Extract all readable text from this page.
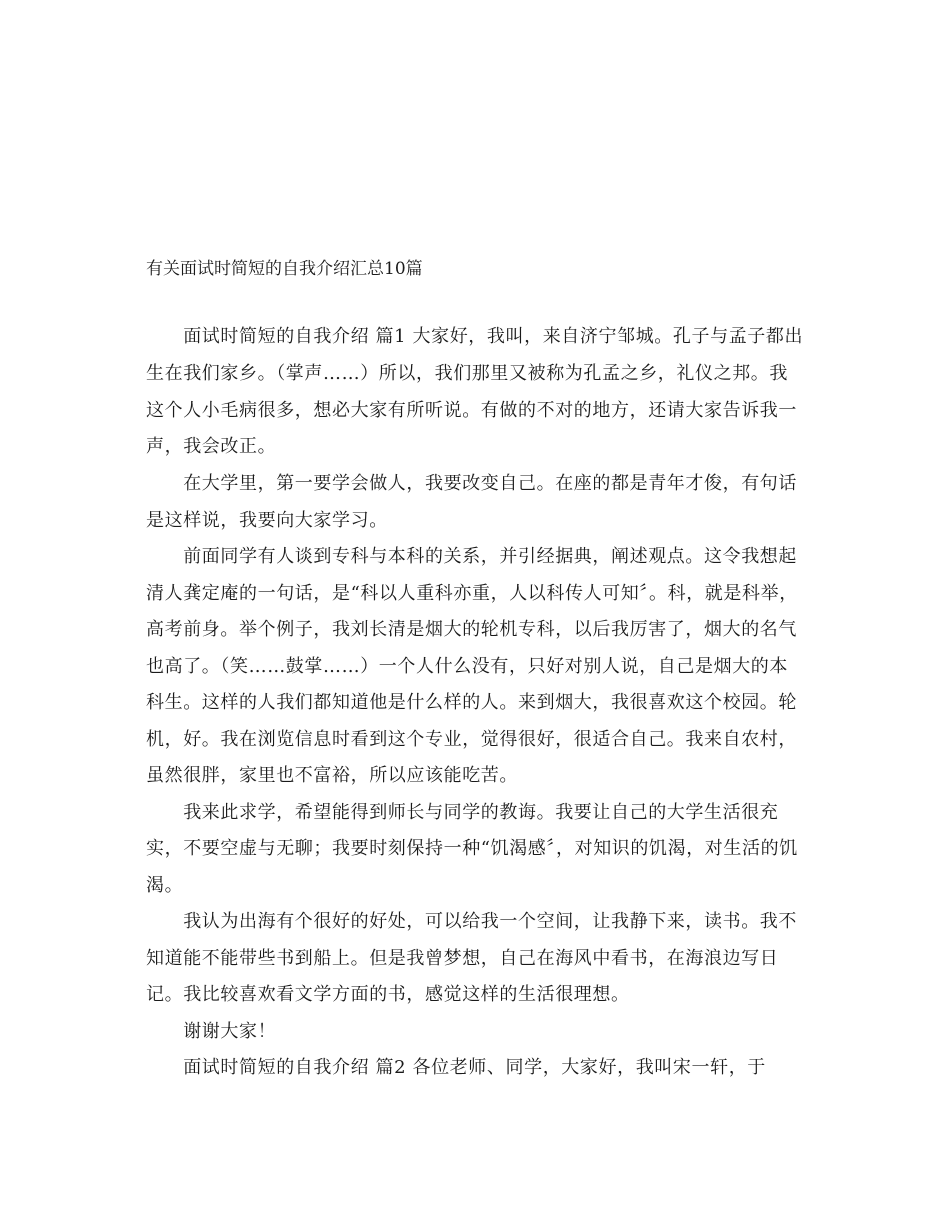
有关面试时简短的自我介绍汇总10篇
　　面试时简短的自我介绍 篇1 大家好，我叫，来自济宁邹城。孔子与孟子都出
生在我们家乡。（掌声……）所以，我们那里又被称为孔孟之乡，礼仪之邦。我
这个人小毛病很多，想必大家有所听说。有做的不对的地方，还请大家告诉我一
声，我会改正。
　　在大学里，第一要学会做人，我要改变自己。在座的都是青年才俊，有句话
是这样说，我要向大家学习。
　　前面同学有人谈到专科与本科的关系，并引经据典，阐述观点。这令我想起
清人龚定庵的一句话，是“科以人重科亦重，人以科传人可知〞。科，就是科举，
高考前身。举个例子，我刘长清是烟大的轮机专科，以后我厉害了，烟大的名气
也高了。（笑……鼓掌……）一个人什么没有，只好对别人说，自己是烟大的本
科生。这样的人我们都知道他是什么样的人。来到烟大，我很喜欢这个校园。轮
机，好。我在浏览信息时看到这个专业，觉得很好，很适合自己。我来自农村，
虽然很胖，家里也不富裕，所以应该能吃苦。
　　我来此求学，希望能得到师长与同学的教诲。我要让自己的大学生活很充
实，不要空虚与无聊；我要时刻保持一种“饥渴感〞，对知识的饥渴，对生活的饥
渴。
　　我认为出海有个很好的好处，可以给我一个空间，让我静下来，读书。我不
知道能不能带些书到船上。但是我曾梦想，自己在海风中看书，在海浪边写日
记。我比较喜欢看文学方面的书，感觉这样的生活很理想。
　　谢谢大家！
　　面试时简短的自我介绍 篇2 各位老师、同学，大家好，我叫宋一轩，于
